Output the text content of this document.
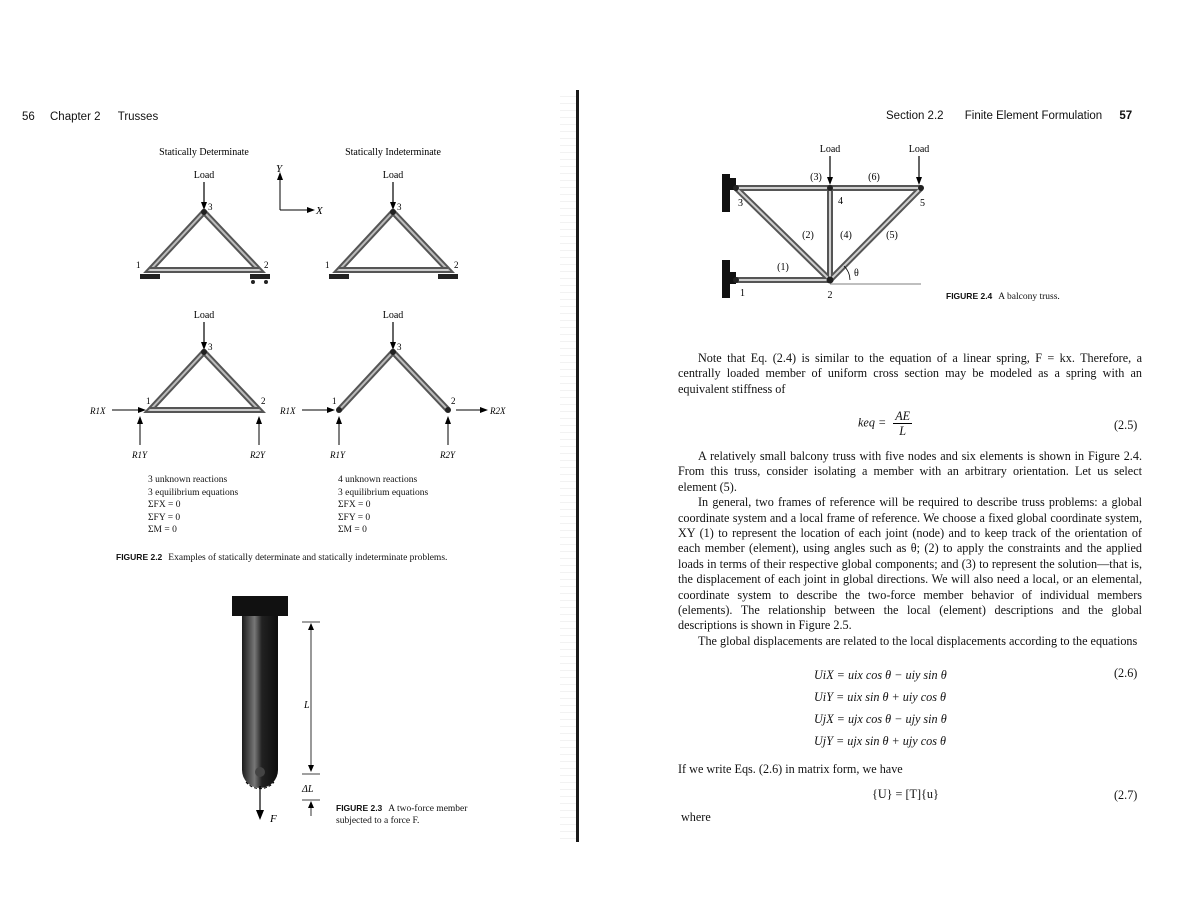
56 Chapter 2 Trusses
Statically Determinate	Statically Indeterminate
Y
X
Load
3
1	2
Load
3
1	2
Load
3
1	2
R1X
R1Y	R2Y
Load
3
1	2
R1X	R2X
R1Y	R2Y
3 unknown reactions
3 equilibrium equations
ΣFX = 0
ΣFY = 0
ΣM = 0
4 unknown reactions
3 equilibrium equations
ΣFX = 0
ΣFY = 0
ΣM = 0
FIGURE 2.2 Examples of statically determinate and statically indeterminate problems.
F
L
ΔL
FIGURE 2.3 A two-force member
subjected to a force F.
Section 2.2 Finite Element Formulation 57
Load	Load
θ
(1)
(2)
(3)
(4)	(5)
(6)
1	2
3	4	5
FIGURE 2.4 A balcony truss.

Note that Eq. (2.4) is similar to the equation of a linear spring, F = kx. Therefore, a centrally loaded member of uniform cross section may be modeled as a spring with an equivalent stiffness of

keq = $\frac{AE}{L}$	(2.5)

A relatively small balcony truss with five nodes and six elements is shown in Figure 2.4. From this truss, consider isolating a member with an arbitrary orientation. Let us select element (5).

In general, two frames of reference will be required to describe truss problems: a global coordinate system and a local frame of reference. We choose a fixed global coordinate system, XY (1) to represent the location of each joint (node) and to keep track of the orientation of each member (element), using angles such as θ; (2) to apply the constraints and the applied loads in terms of their respective global components; and (3) to represent the solution—that is, the displacement of each joint in global directions. We will also need a local, or an elemental, coordinate system to describe the two-force member behavior of individual members (elements). The relationship between the local (element) descriptions and the global descriptions is shown in Figure 2.5.

The global displacements are related to the local displacements according to the equations

UiX = uix cos θ − uiy sin θ
UiY = uix sin θ + uiy cos θ
UjX = ujx cos θ − ujy sin θ
UjY = ujx sin θ + ujy cos θ
(2.6)
If we write Eqs. (2.6) in matrix form, we have
{U} = [T]{u}	(2.7)
where
